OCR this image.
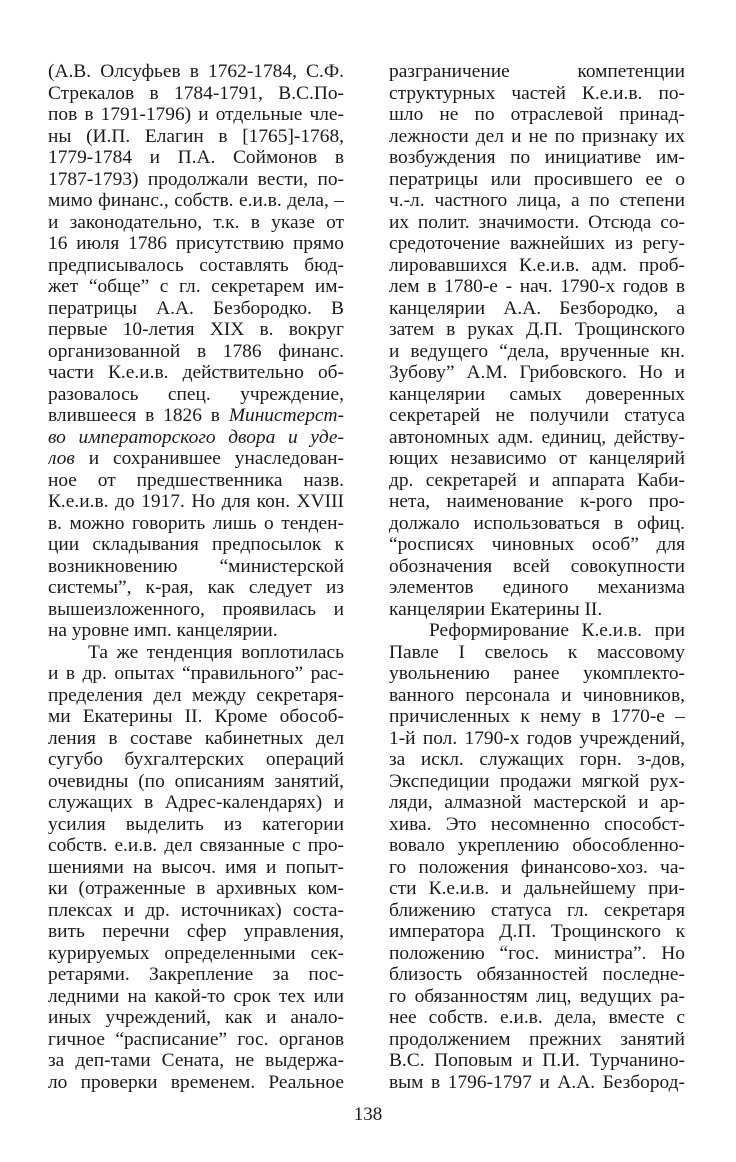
(А.В. Олсуфьев в 1762-1784, С.Ф.
Стрекалов в 1784-1791, В.С.По-
пов в 1791-1796) и отдельные чле-
ны (И.П. Елагин в [1765]-1768,
1779-1784 и П.А. Соймонов в
1787-1793) продолжали вести, по-
мимо финанс., собств. е.и.в. дела, –
и законодательно, т.к. в указе от
16 июля 1786 присутствию прямо
предписывалось составлять бюд-
жет “обще” с гл. секретарем им-
ператрицы А.А. Безбородко. В
первые 10-летия XIX в. вокруг
организованной в 1786 финанс.
части К.е.и.в. действительно об-
разовалось спец. учреждение,
влившееся в 1826 в Министерст-
во императорского двора и уде-
лов и сохранившее унаследован-
ное от предшественника назв.
К.е.и.в. до 1917. Но для кон. XVIII
в. можно говорить лишь о тенден-
ции складывания предпосылок к
возникновению “министерской
системы”, к-рая, как следует из
вышеизложенного, проявилась и
на уровне имп. канцелярии.
Та же тенденция воплотилась
и в др. опытах “правильного” рас-
пределения дел между секретаря-
ми Екатерины II. Кроме обособ-
ления в составе кабинетных дел
сугубо бухгалтерских операций
очевидны (по описаниям занятий,
служащих в Адрес-календарях) и
усилия выделить из категории
собств. е.и.в. дел связанные с про-
шениями на высоч. имя и попыт-
ки (отраженные в архивных ком-
плексах и др. источниках) соста-
вить перечни сфер управления,
курируемых определенными сек-
ретарями. Закрепление за пос-
ледними на какой-то срок тех или
иных учреждений, как и анало-
гичное “расписание” гос. органов
за деп-тами Сената, не выдержа-
ло проверки временем. Реальное
разграничение компетенции
структурных частей К.е.и.в. по-
шло не по отраслевой принад-
лежности дел и не по признаку их
возбуждения по инициативе им-
ператрицы или просившего ее о
ч.-л. частного лица, а по степени
их полит. значимости. Отсюда со-
средоточение важнейших из регу-
лировавшихся К.е.и.в. адм. проб-
лем в 1780-е - нач. 1790-х годов в
канцелярии А.А. Безбородко, а
затем в руках Д.П. Трощинского
и ведущего “дела, врученные кн.
Зубову” А.М. Грибовского. Но и
канцелярии самых доверенных
секретарей не получили статуса
автономных адм. единиц, действу-
ющих независимо от канцелярий
др. секретарей и аппарата Каби-
нета, наименование к-рого про-
должало использоваться в офиц.
“росписях чиновных особ” для
обозначения всей совокупности
элементов единого механизма
канцелярии Екатерины II.
Реформирование К.е.и.в. при
Павле I свелось к массовому
увольнению ранее укомплекто-
ванного персонала и чиновников,
причисленных к нему в 1770-е –
1-й пол. 1790-х годов учреждений,
за искл. служащих горн. з-дов,
Экспедиции продажи мягкой рух-
ляди, алмазной мастерской и ар-
хива. Это несомненно способст-
вовало укреплению обособленно-
го положения финансово-хоз. ча-
сти К.е.и.в. и дальнейшему при-
ближению статуса гл. секретаря
императора Д.П. Трощинского к
положению “гос. министра”. Но
близость обязанностей последне-
го обязанностям лиц, ведущих ра-
нее собств. е.и.в. дела, вместе с
продолжением прежних занятий
В.С. Поповым и П.И. Турчанино-
вым в 1796-1797 и А.А. Безбород-
138
